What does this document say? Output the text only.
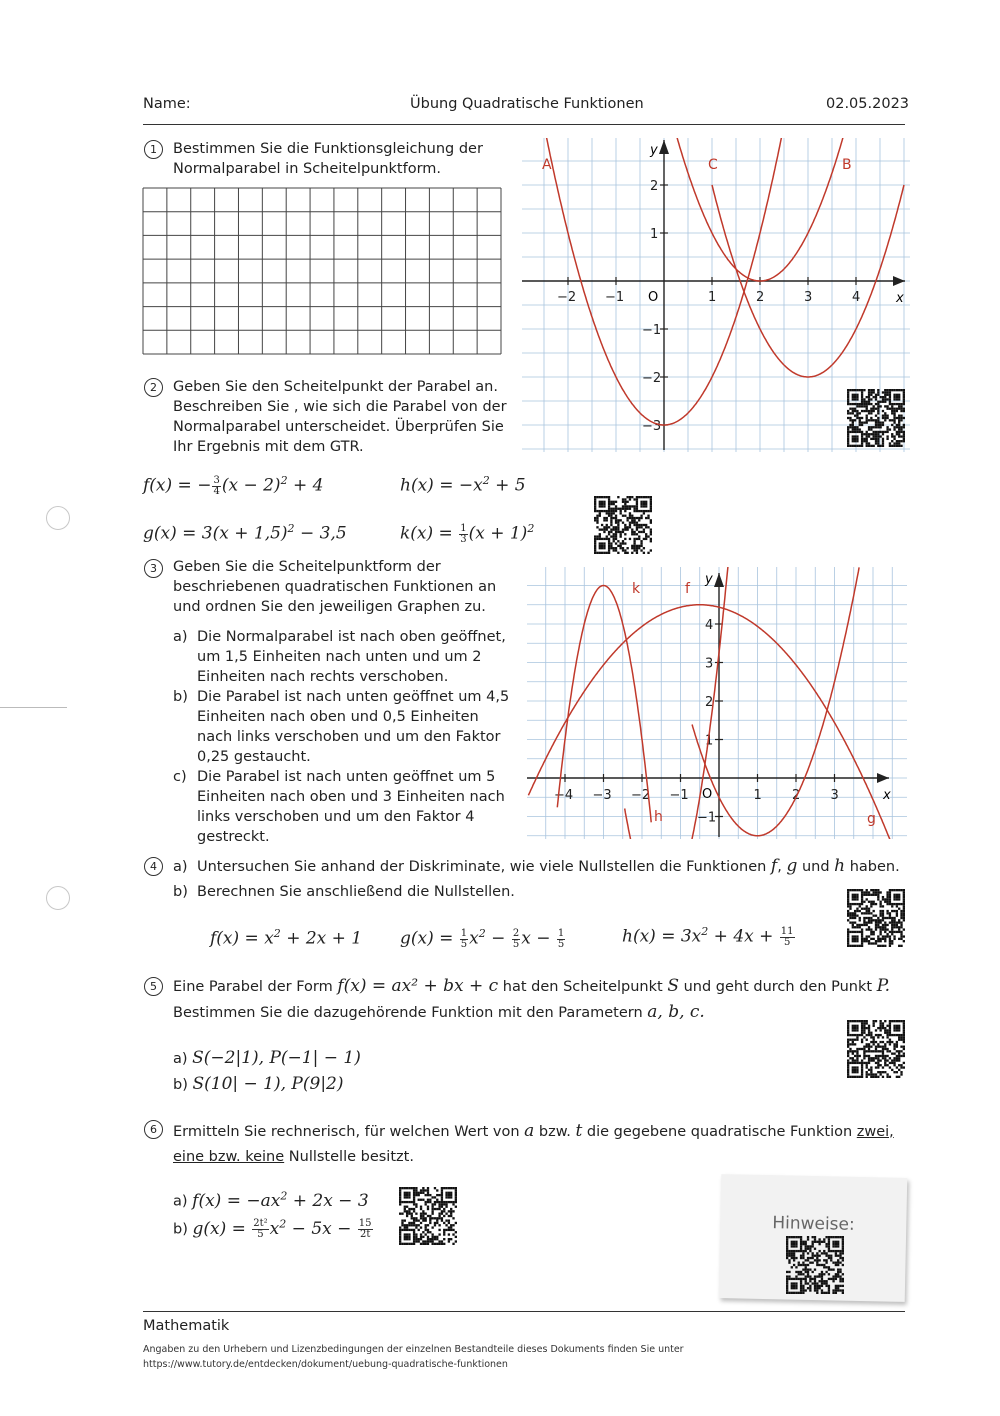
Name:	Übung Quadratische Funktionen	02.05.2023
1	Bestimmen Sie die Funktionsgleichung der Normalparabel in Scheitelpunktform.
−2 −1	1	2	3	4
2
1
−1
−2
−3
x
y
O
A	C	B
2	Geben Sie den Scheitelpunkt der Parabel an. Beschreiben Sie , wie sich die Parabel von der Normalparabel unterscheidet. Überprüfen Sie Ihr Ergebnis mit dem GTR.
f(x) = − $\frac{3}{4} (x - 2)^2 + 4$	$h(x) = -x^2 + 5$
$g(x) = 3(x + 1,5)^2 - 3,5$	$k(x) = \frac{1}{3} (x + 1)^2$
3	Geben Sie die Scheitelpunktform der beschriebenen quadratischen Funktionen an und ordnen Sie den jeweiligen Graphen zu.
a) Die Normalparabel ist nach oben geöffnet, um 1,5 Einheiten nach unten und um 2 Einheiten nach rechts verschoben.
b) Die Parabel ist nach unten geöffnet um 4,5 Einheiten nach oben und 0,5 Einheiten nach links verschoben und um den Faktor 0,25 gestaucht.
c) Die Parabel ist nach unten geöffnet um 5 Einheiten nach oben und 3 Einheiten nach links verschoben und um den Faktor 4 gestreckt.
−4 −3 −2 −1	1 2 3
4
3
2
1
−1
x
y
O
k	f
h	g
4	a) Untersuchen Sie anhand der Diskriminate, wie viele Nullstellen die Funktionen f, g und h haben.
b) Berechnen Sie anschließend die Nullstellen.
$f(x) = x^2 + 2x + 1$ $g(x) = \frac{1}{5} x^2 - \frac{2}{5}$ $x - \frac{1}{5}$	$h(x) = 3x^2 + 4x + \frac{11}{5}$
5	Eine Parabel der Form f(x) = ax² + bx + c hat den Scheitelpunkt S und geht durch den Punkt P.
Bestimmen Sie die dazugehörende Funktion mit den Parametern a, b, c.
a) S(−2|1), P(−1| − 1)
b) S(10| − 1), P(9|2)
6	Ermitteln Sie rechnerisch, für welchen Wert von a bzw. t die gegebene quadratische Funktion zwei, eine bzw. keine Nullstelle besitzt.
a) $f(x) = -ax^2 + 2x - 3$
b) $g(x) = \frac{\text{2t²}}{5} x^2 - 5x - \frac{15}{2t}$	Hinweise:
Mathematik
Angaben zu den Urhebern und Lizenzbedingungen der einzelnen Bestandteile dieses Dokuments finden Sie unter
https://www.tutory.de/entdecken/dokument/uebung-quadratische-funktionen
